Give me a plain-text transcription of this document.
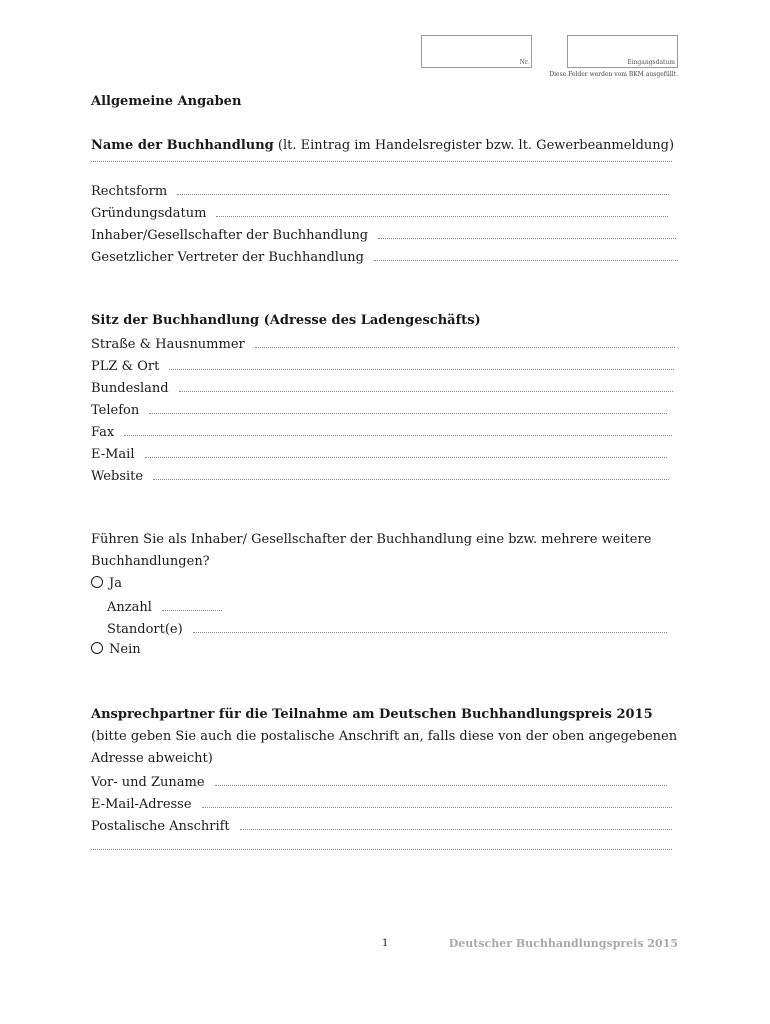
Nr.	Eingangsdatum
Diese Felder werden vom BKM ausgefüllt.
Allgemeine Angaben
Name der Buchhandlung (lt. Eintrag im Handelsregister bzw. lt. Gewerbeanmeldung)
Rechtsform
Gründungsdatum
Inhaber/Gesellschafter der Buchhandlung
Gesetzlicher Vertreter der Buchhandlung
Sitz der Buchhandlung (Adresse des Ladengeschäfts)
Straße & Hausnummer
PLZ & Ort
Bundesland
Telefon
Fax
E-Mail
Website
Führen Sie als Inhaber/ Gesellschafter der Buchhandlung eine bzw. mehrere weitere
Buchhandlungen?
Ja
Anzahl
Standort(e)
Nein
Ansprechpartner für die Teilnahme am Deutschen Buchhandlungspreis 2015
(bitte geben Sie auch die postalische Anschrift an, falls diese von der oben angegebenen
Adresse abweicht)
Vor- und Zuname
E-Mail-Adresse
Postalische Anschrift
1	Deutscher Buchhandlungspreis 2015
